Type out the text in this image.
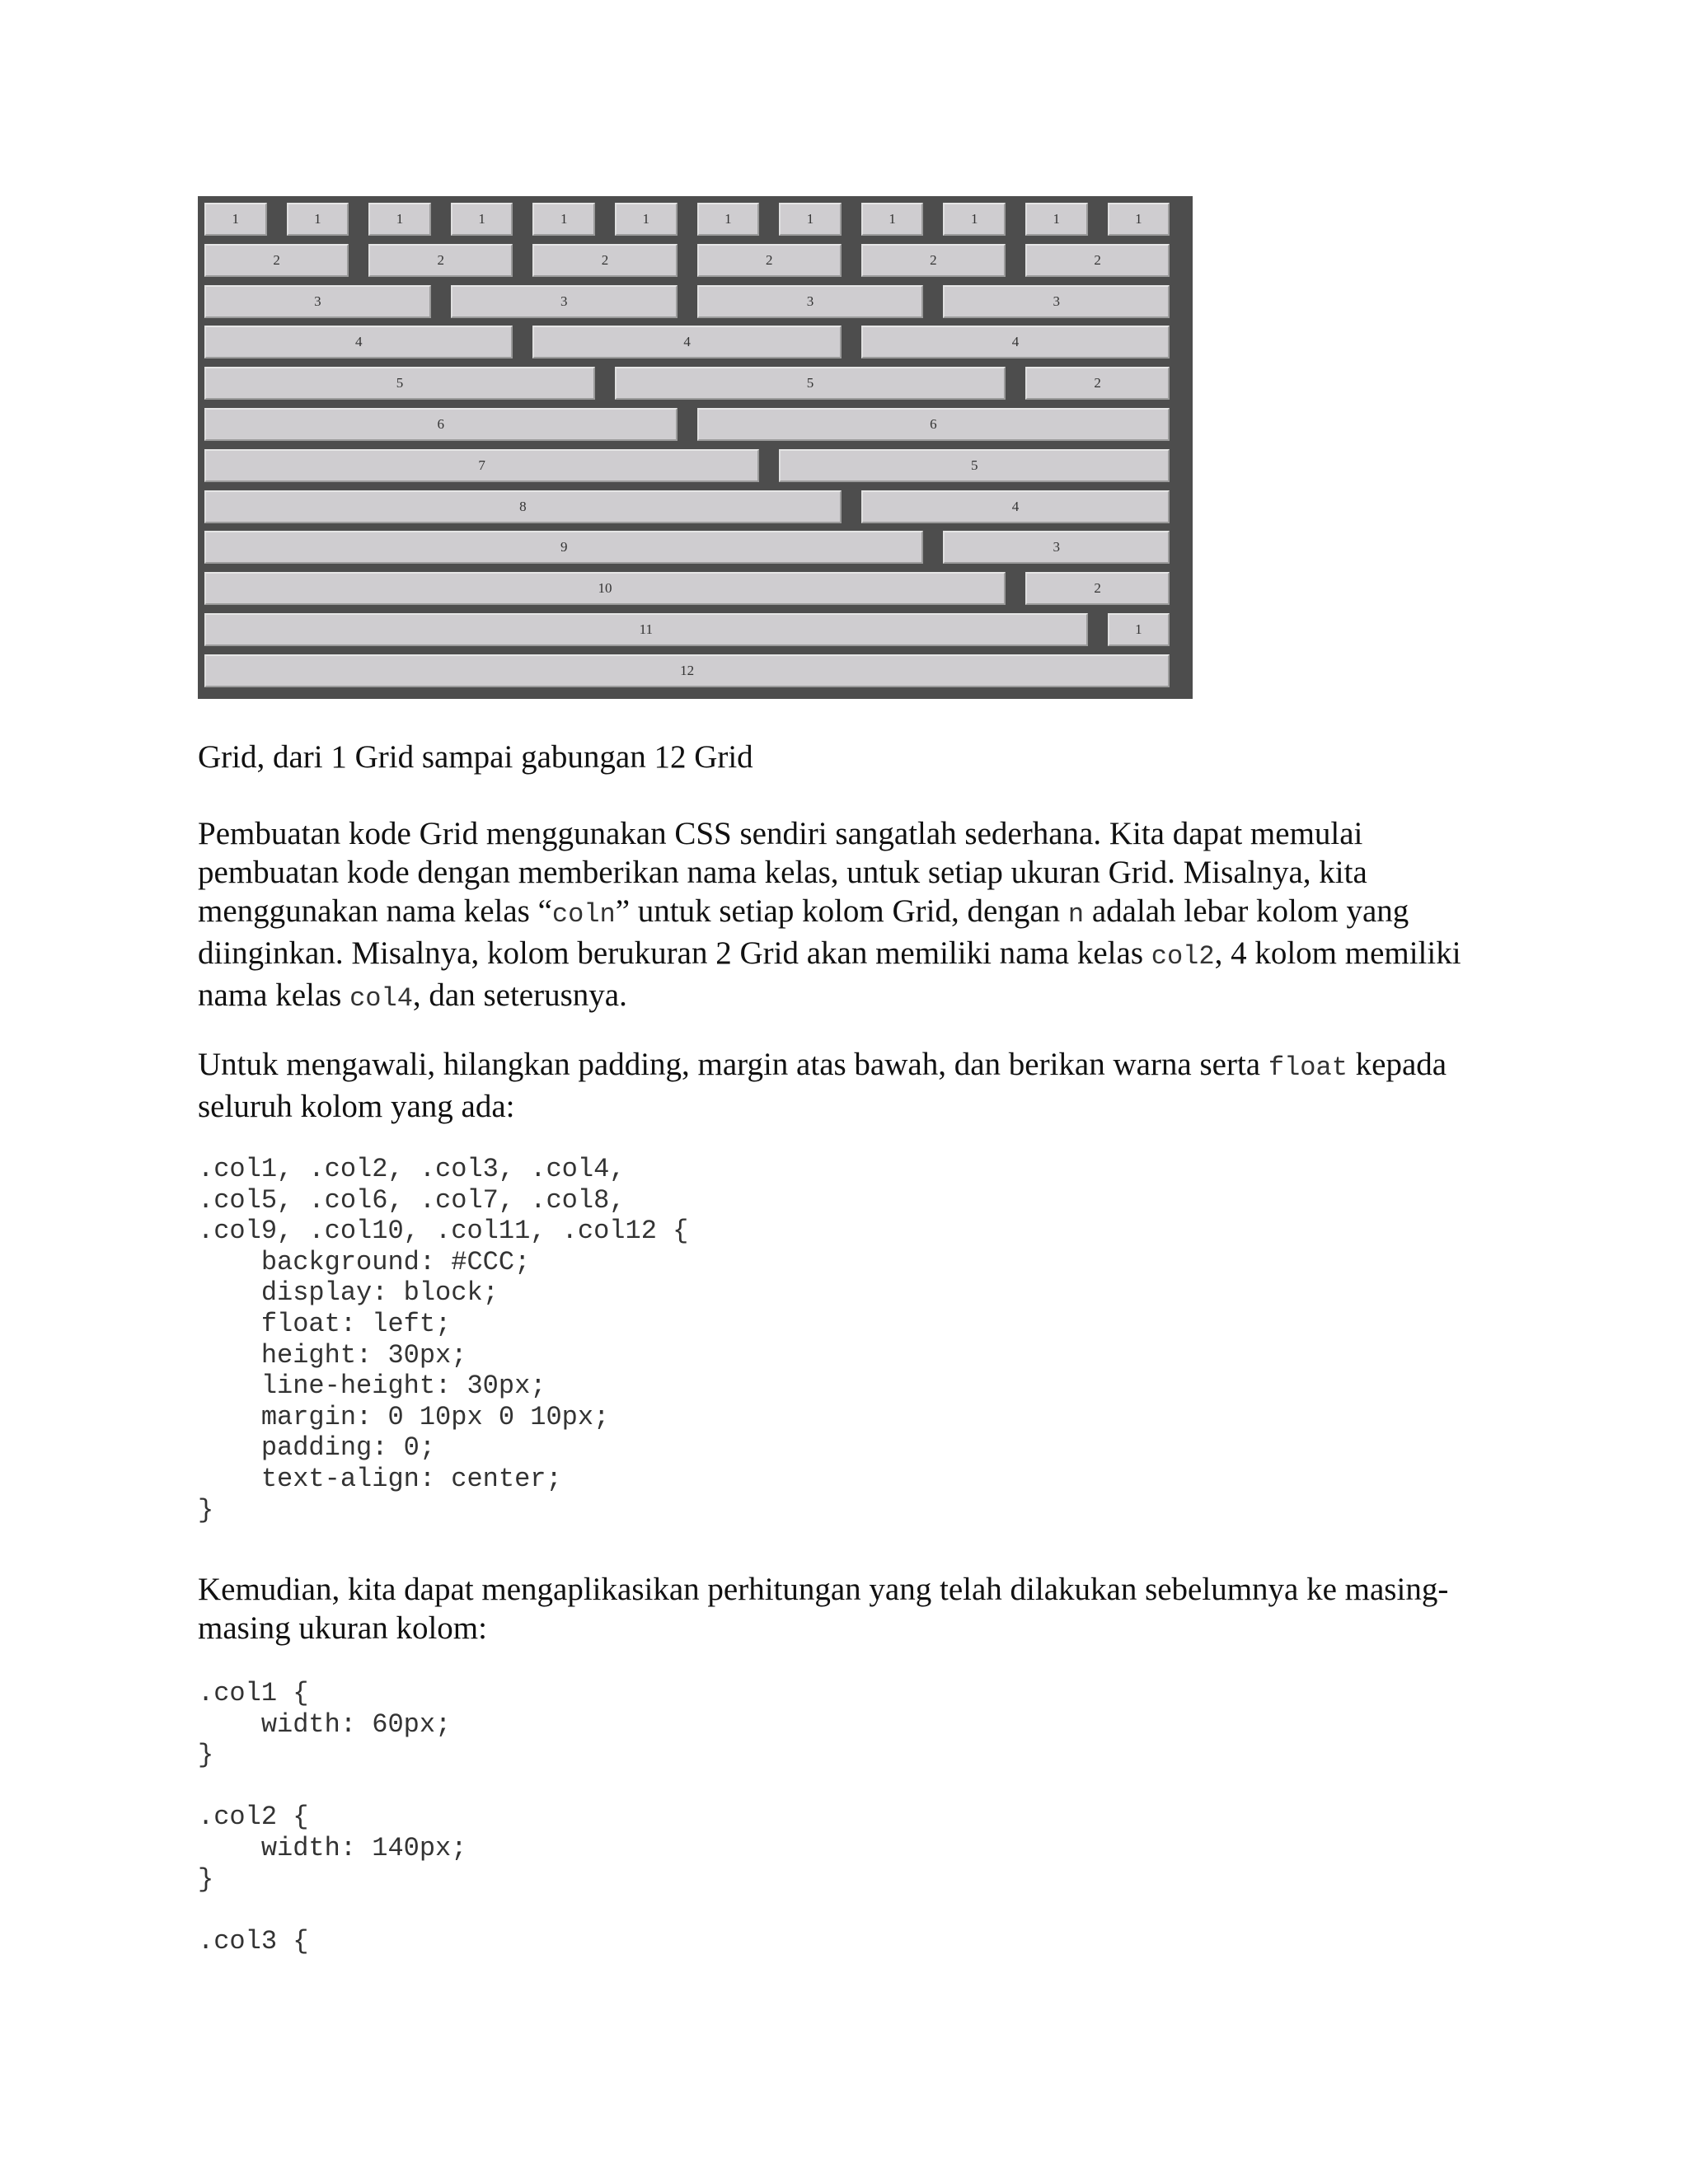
1	1	1	1	1	1	1	1	1	1	1	1
2	2	2	2	2	2
3	3	3	3
4	4	4
5	5	2
6	6
7	5
8	4
9	3
10	2
11	1
12
Grid, dari 1 Grid sampai gabungan 12 Grid

Pembuatan kode Grid menggunakan CSS sendiri sangatlah sederhana. Kita dapat memulai pembuatan kode dengan memberikan nama kelas, untuk setiap ukuran Grid. Misalnya, kita menggunakan nama kelas “coln” untuk setiap kolom Grid, dengan n adalah lebar kolom yang diinginkan. Misalnya, kolom berukuran 2 Grid akan memiliki nama kelas col2, 4 kolom memiliki nama kelas col4, dan seterusnya.

Untuk mengawali, hilangkan padding, margin atas bawah, dan berikan warna serta float kepada seluruh kolom yang ada:

.col1, .col2, .col3, .col4,
.col5, .col6, .col7, .col8,
.col9, .col10, .col11, .col12 {
background: #CCC;
display: block;
float: left;
height: 30px;
line-height: 30px;
margin: 0 10px 0 10px;
padding: 0;
text-align: center;
}

Kemudian, kita dapat mengaplikasikan perhitungan yang telah dilakukan sebelumnya ke masing-masing ukuran kolom:

.col1 {
width: 60px;
}

.col2 {
width: 140px;
}

.col3 {
